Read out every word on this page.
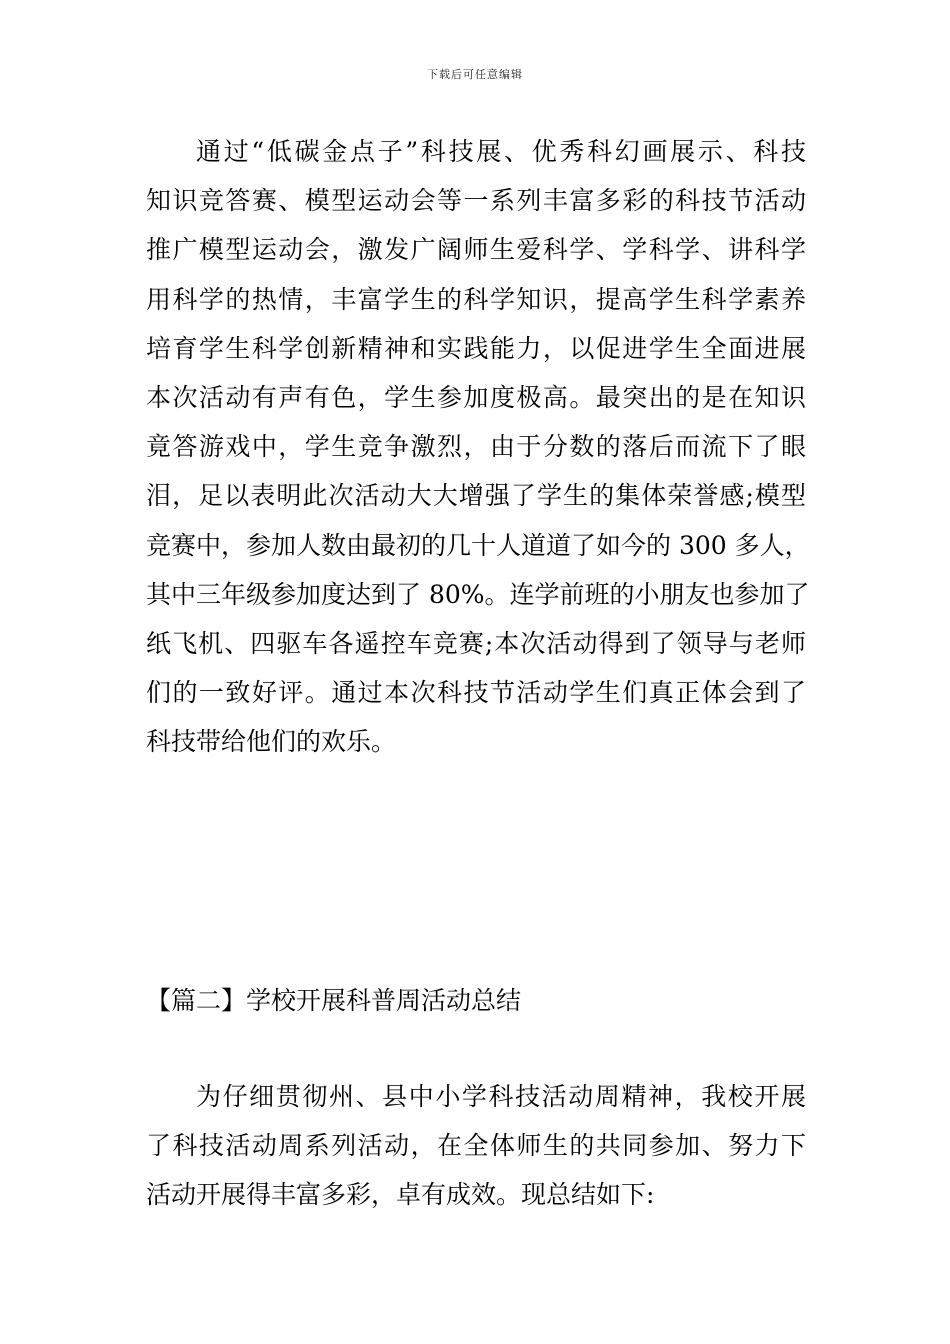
下载后可任意编辑
通过“低碳金点子”科技展、优秀科幻画展示、科技
知识竞答赛、模型运动会等一系列丰富多彩的科技节活动
推广模型运动会，激发广阔师生爱科学、学科学、讲科学
用科学的热情，丰富学生的科学知识，提高学生科学素养
培育学生科学创新精神和实践能力，以促进学生全面进展
本次活动有声有色，学生参加度极高。最突出的是在知识
竟答游戏中，学生竞争激烈，由于分数的落后而流下了眼
泪，足以表明此次活动大大增强了学生的集体荣誉感;模型
竞赛中，参加人数由最初的几十人道道了如今的 300 多人，
其中三年级参加度达到了 80%。连学前班的小朋友也参加了
纸飞机、四驱车各遥控车竞赛;本次活动得到了领导与老师
们的一致好评。通过本次科技节活动学生们真正体会到了
科技带给他们的欢乐。
【篇二】学校开展科普周活动总结
为仔细贯彻州、县中小学科技活动周精神，我校开展
了科技活动周系列活动，在全体师生的共同参加、努力下
活动开展得丰富多彩，卓有成效。现总结如下:
